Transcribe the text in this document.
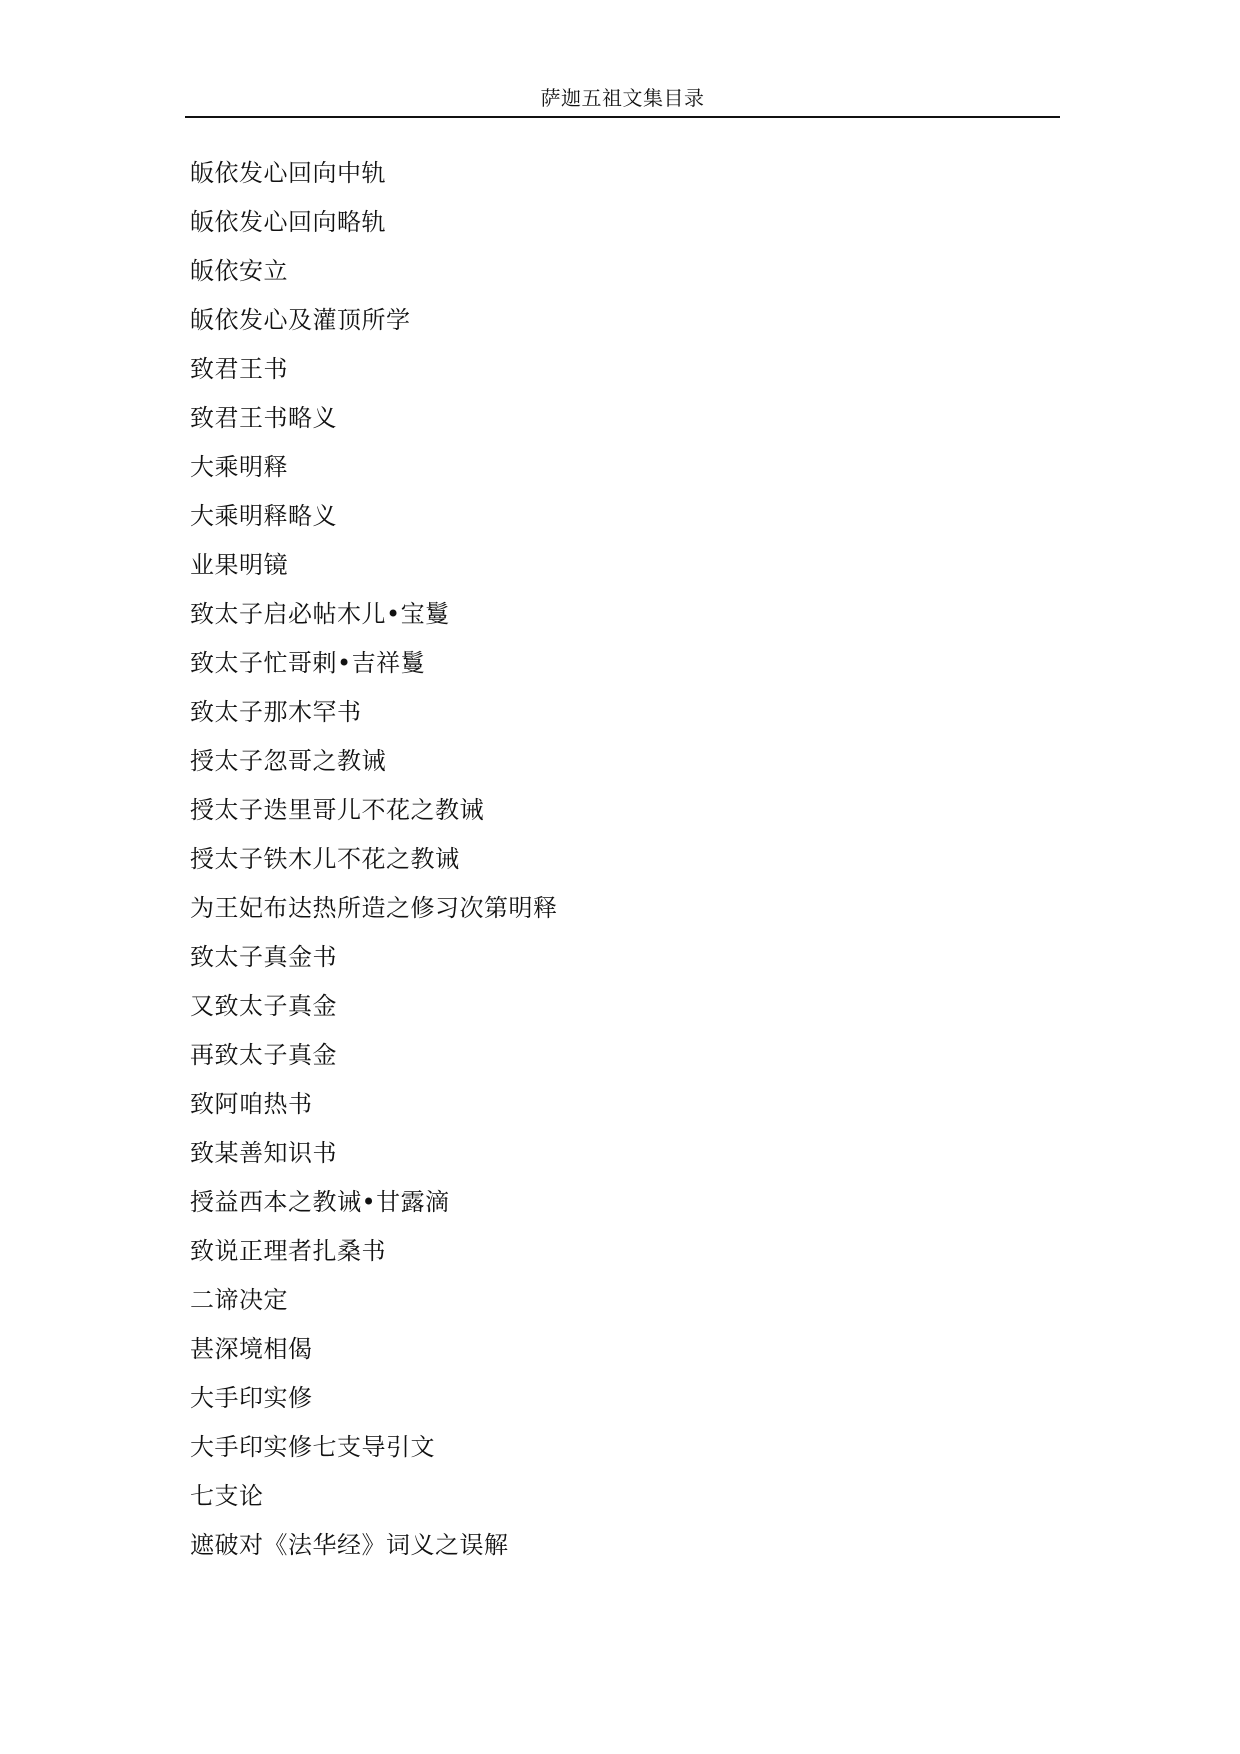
萨迦五祖文集目录
皈依发心回向中轨
皈依发心回向略轨
皈依安立
皈依发心及灌顶所学
致君王书
致君王书略义
大乘明释
大乘明释略义
业果明镜
致太子启必帖木儿•宝鬘
致太子忙哥剌•吉祥鬘
致太子那木罕书
授太子忽哥之教诫
授太子迭里哥儿不花之教诫
授太子铁木儿不花之教诫
为王妃布达热所造之修习次第明释
致太子真金书
又致太子真金
再致太子真金
致阿咱热书
致某善知识书
授益西本之教诫•甘露滴
致说正理者扎桑书
二谛决定
甚深境相偈
大手印实修
大手印实修七支导引文
七支论
遮破对《法华经》词义之误解
